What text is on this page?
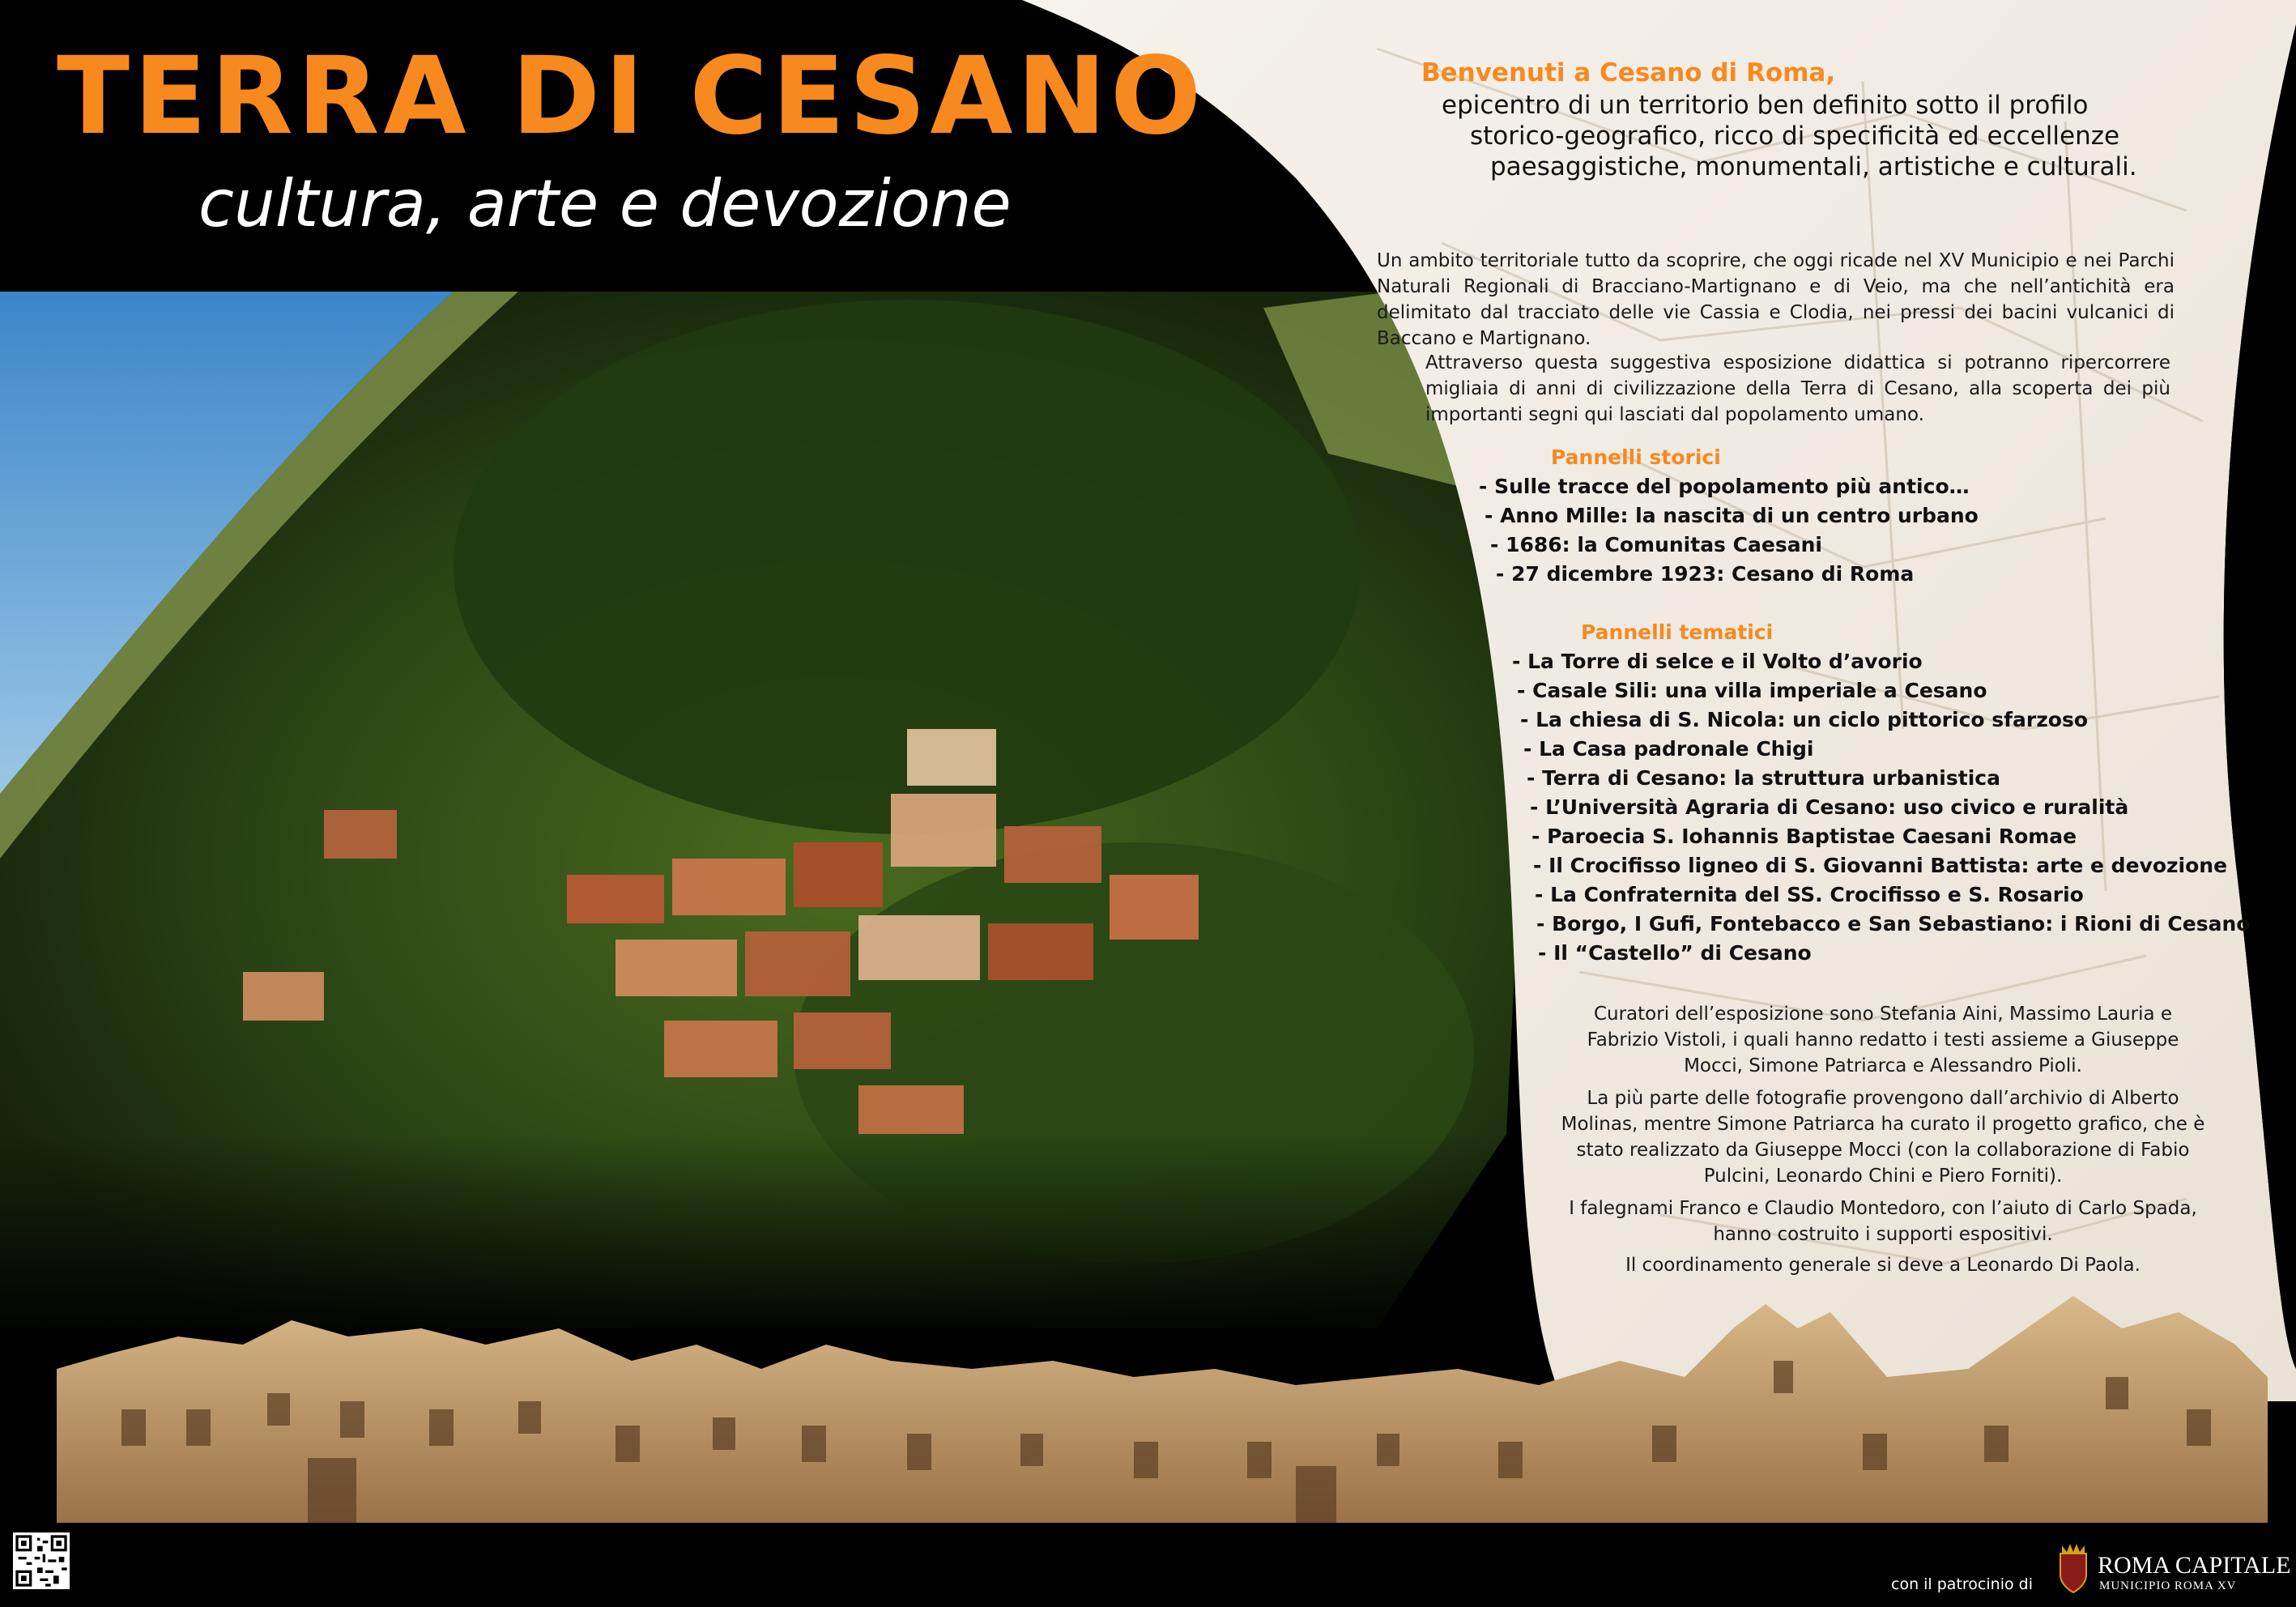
TERRA DI CESANO
cultura, arte e devozione
Benvenuti a Cesano di Roma,
epicentro di un territorio ben definito sotto il profilo
storico-geografico, ricco di specificità ed eccellenze
paesaggistiche, monumentali, artistiche e culturali.
Un ambito territoriale tutto da scoprire, che oggi ricade nel XV Municipio e nei Parchi Naturali Regionali di Bracciano-Martignano e di Veio, ma che nell’antichità era delimitato dal tracciato delle vie Cassia e Clodia, nei pressi dei bacini vulcanici di Baccano e Martignano.
Attraverso questa suggestiva esposizione didattica si potranno ripercorrere migliaia di anni di civilizzazione della Terra di Cesano, alla scoperta dei più importanti segni qui lasciati dal popolamento umano.
Pannelli storici
- Sulle tracce del popolamento più antico…
- Anno Mille: la nascita di un centro urbano
- 1686: la Comunitas Caesani
- 27 dicembre 1923: Cesano di Roma
Pannelli tematici
- La Torre di selce e il Volto d’avorio
- Casale Sili: una villa imperiale a Cesano
- La chiesa di S. Nicola: un ciclo pittorico sfarzoso
- La Casa padronale Chigi
- Terra di Cesano: la struttura urbanistica
- L’Università Agraria di Cesano: uso civico e ruralità
- Paroecia S. Iohannis Baptistae Caesani Romae
- Il Crocifisso ligneo di S. Giovanni Battista: arte e devozione
- La Confraternita del SS. Crocifisso e S. Rosario
- Borgo, I Gufi, Fontebacco e San Sebastiano: i Rioni di Cesano
- Il “Castello” di Cesano
Curatori dell’esposizione sono Stefania Aini, Massimo Lauria e Fabrizio Vistoli, i quali hanno redatto i testi assieme a Giuseppe Mocci, Simone Patriarca e Alessandro Pioli.
La più parte delle fotografie provengono dall’archivio di Alberto Molinas, mentre Simone Patriarca ha curato il progetto grafico, che è stato realizzato da Giuseppe Mocci (con la collaborazione di Fabio Pulcini, Leonardo Chini e Piero Forniti).
I falegnami Franco e Claudio Montedoro, con l’aiuto di Carlo Spada, hanno costruito i supporti espositivi.
Il coordinamento generale si deve a Leonardo Di Paola.
con il patrocinio di
ROMA CAPITALE
MUNICIPIO ROMA XV
